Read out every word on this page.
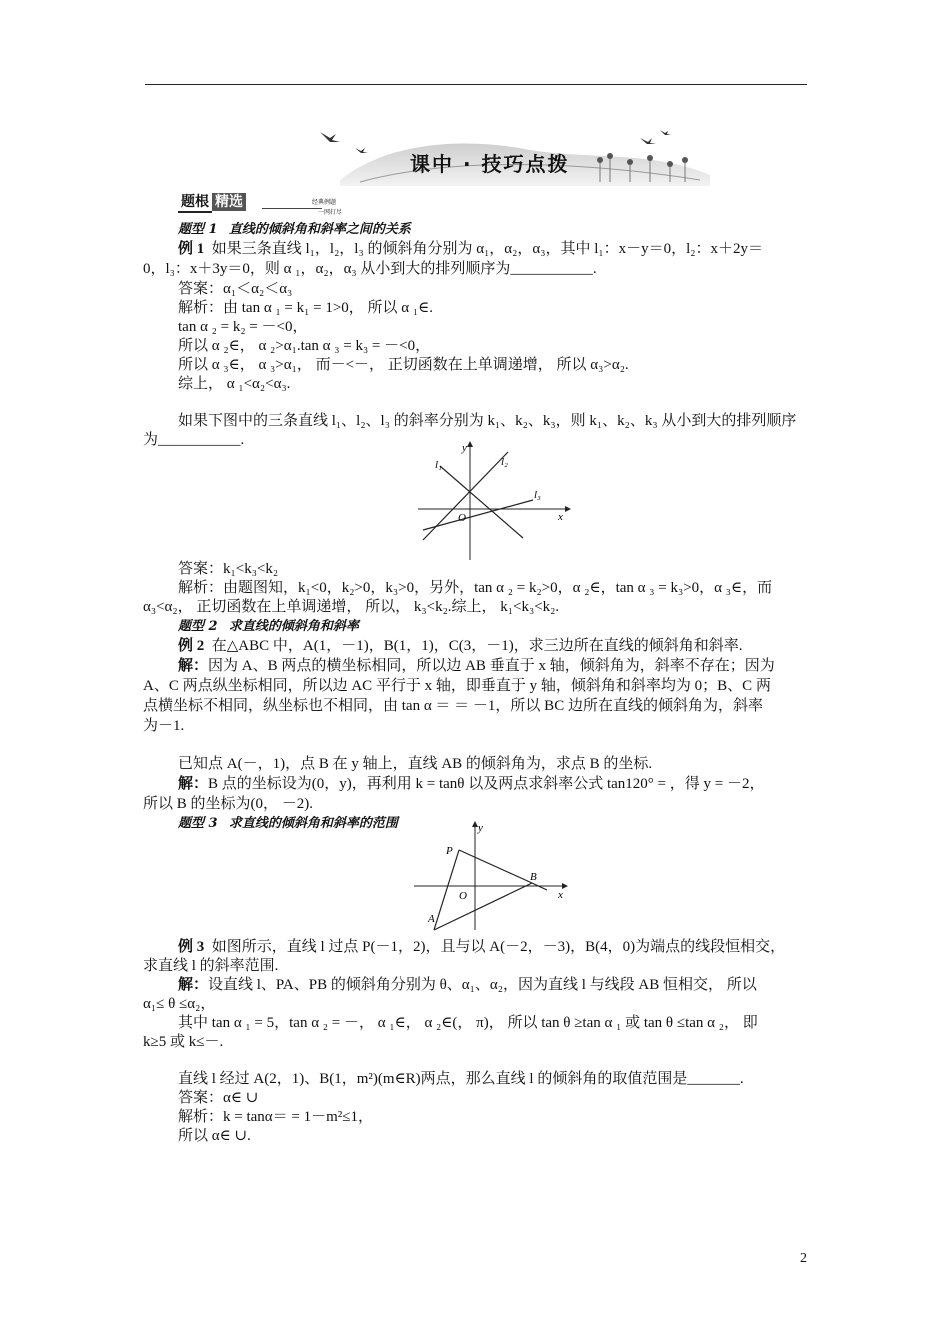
课中 · 技巧点拨
题根 精选	经典例题
一网打尽
题型 1 直线的倾斜角和斜率之间的关系
例 1 如果三条直线 l₁，l₂，l₃ 的倾斜角分别为 α₁，α₂，α₃，其中 l₁：x－y＝0，l₂：x＋2y＝
0，l₃：x＋3y＝0，则 α ₁，α₂，α₃ 从小到大的排列顺序为___________.
答案：α₁＜α₂＜α₃
解析：由 tan α ₁ = k₁ = 1>0， 所以 α ₁∈.
tan α ₂ = k₂ = －<0，
所以 α ₂∈， α ₂>α₁.tan α ₃ = k₃ = －<0，
所以 α ₃∈， α ₃>α₁， 而－<－， 正切函数在上单调递增， 所以 α₃>α₂.
综上， α ₁<α₂<α₃.
如果下图中的三条直线 l₁、l₂、l₃ 的斜率分别为 k₁、k₂、k₃，则 k₁、k₂、k₃ 从小到大的排列顺序
为___________.	y
x
O
l₁	l₂
l₃
答案：k₁<k₃<k₂
解析：由题图知，k₁<0，k₂>0，k₃>0，另外，tan α ₂ = k₂>0，α ₂∈，tan α ₃ = k₃>0，α ₃∈，而
α₃<α₂， 正切函数在上单调递增， 所以， k₃<k₂.综上， k₁<k₃<k₂.
题型 2 求直线的倾斜角和斜率
例 2 在△ABC 中，A(1，－1)，B(1，1)，C(3，－1)，求三边所在直线的倾斜角和斜率.
解：因为 A、B 两点的横坐标相同，所以边 AB 垂直于 x 轴，倾斜角为，斜率不存在；因为
A、C 两点纵坐标相同，所以边 AC 平行于 x 轴，即垂直于 y 轴，倾斜角和斜率均为 0；B、C 两
点横坐标不相同，纵坐标也不相同，由 tan α ＝ ＝ －1，所以 BC 边所在直线的倾斜角为，斜率
为－1.
已知点 A(－，1)，点 B 在 y 轴上，直线 AB 的倾斜角为，求点 B 的坐标.
解：B 点的坐标设为(0，y)，再利用 k = tanθ 以及两点求斜率公式 tan120° = ，得 y = －2，
所以 B 的坐标为(0， －2).
题型 3 求直线的倾斜角和斜率的范围	y
x
O
P
A
B
例 3 如图所示，直线 l 过点 P(－1，2)，且与以 A(－2，－3)，B(4，0)为端点的线段恒相交，
求直线 l 的斜率范围.
解：设直线 l、PA、PB 的倾斜角分别为 θ、α₁、α₂，因为直线 l 与线段 AB 恒相交， 所以
α₁≤ θ ≤α₂，
其中 tan α ₁ = 5，tan α ₂ = －， α ₁∈， α ₂∈(， π)， 所以 tan θ ≥tan α ₁ 或 tan θ ≤tan α ₂， 即
k≥5 或 k≤－.
直线 l 经过 A(2，1)、B(1，m²)(m∈R)两点，那么直线 l 的倾斜角的取值范围是_______.
答案：α∈ ∪
解析：k = tanα＝ = 1－m²≤1，
所以 α∈ ∪.
2
